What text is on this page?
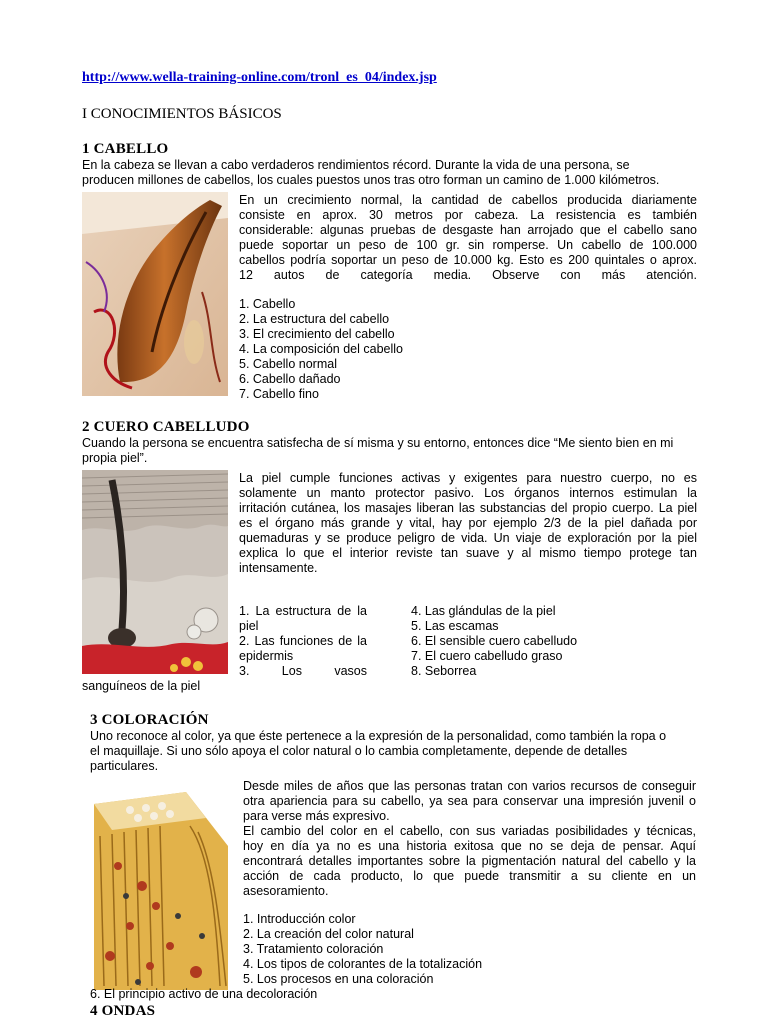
http://www.wella-training-online.com/tronl_es_04/index.jsp
I CONOCIMIENTOS BÁSICOS
1 CABELLO
En la cabeza se llevan a cabo verdaderos rendimientos récord. Durante la vida de una persona, se
producen millones de cabellos, los cuales puestos unos tras otro forman un camino de 1.000 kilómetros.
En un crecimiento normal, la cantidad de cabellos producida diariamente
consiste en aprox. 30 metros por cabeza. La resistencia es también
considerable: algunas pruebas de desgaste han arrojado que el cabello sano
puede soportar un peso de 100 gr. sin romperse. Un cabello de 100.000
cabellos podría soportar un peso de 10.000 kg. Esto es 200 quintales o aprox.
12 autos de categoría media. Observe con más atención.
1. Cabello
2. La estructura del cabello
3. El crecimiento del cabello
4. La composición del cabello
5. Cabello normal
6. Cabello dañado
7. Cabello fino
2 CUERO CABELLUDO
Cuando la persona se encuentra satisfecha de sí misma y su entorno, entonces dice “Me siento bien en mi
propia piel”.
La piel cumple funciones activas y exigentes para nuestro cuerpo, no es
solamente un manto protector pasivo. Los órganos internos estimulan la
irritación cutánea, los masajes liberan las substancias del propio cuerpo. La piel
es el órgano más grande y vital, hay por ejemplo 2/3 de la piel dañada por
quemaduras y se produce peligro de vida. Un viaje de exploración por la piel
explica lo que el interior reviste tan suave y al mismo tiempo protege tan
intensamente.
1. La estructura de la
piel
2. Las funciones de la
epidermis
3. Los vasos
sanguíneos de la piel
4. Las glándulas de la piel
5. Las escamas
6. El sensible cuero cabelludo
7. El cuero cabelludo graso
8. Seborrea
3 COLORACIÓN
Uno reconoce al color, ya que éste pertenece a la expresión de la personalidad, como también la ropa o
el maquillaje. Si uno sólo apoya el color natural o lo cambia completamente, depende de detalles
particulares.
Desde miles de años que las personas tratan con varios recursos de conseguir
otra apariencia para su cabello, ya sea para conservar una impresión juvenil o
para verse más expresivo.
El cambio del color en el cabello, con sus variadas posibilidades y técnicas,
hoy en día ya no es una historia exitosa que no se deja de pensar. Aquí
encontrará detalles importantes sobre la pigmentación natural del cabello y la
acción de cada producto, lo que puede transmitir a su cliente en un
asesoramiento.
1. Introducción color
2. La creación del color natural
3. Tratamiento coloración
4. Los tipos de colorantes de la totalización
5. Los procesos en una coloración
6. El principio activo de una decoloración
4 ONDAS
